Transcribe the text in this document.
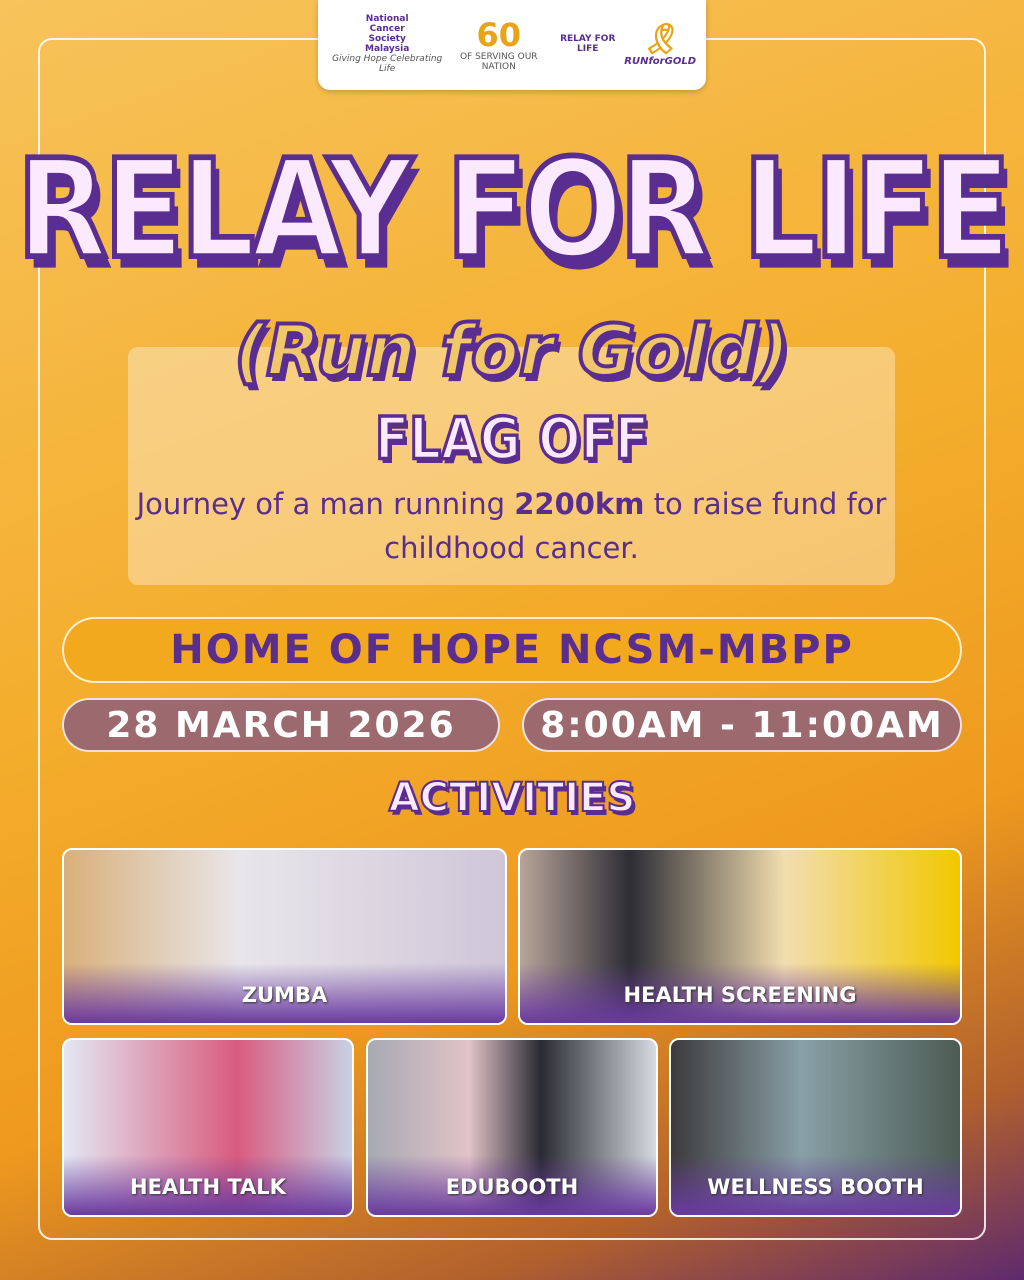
National
Cancer
Society
Malaysia
Giving Hope Celebrating Life
60
OF SERVING OUR NATION
RELAY FOR LIFE	🎗
RUNforGOLD
RELAY FOR LIFE
(Run for Gold)
FLAG OFF
Journey of a man running 2200km to raise fund for childhood cancer.
HOME OF HOPE NCSM-MBPP
28 MARCH 2026	8:00AM - 11:00AM
ACTIVITIES
ZUMBA	HEALTH SCREENING
HEALTH TALK	EDUBOOTH	WELLNESS BOOTH
